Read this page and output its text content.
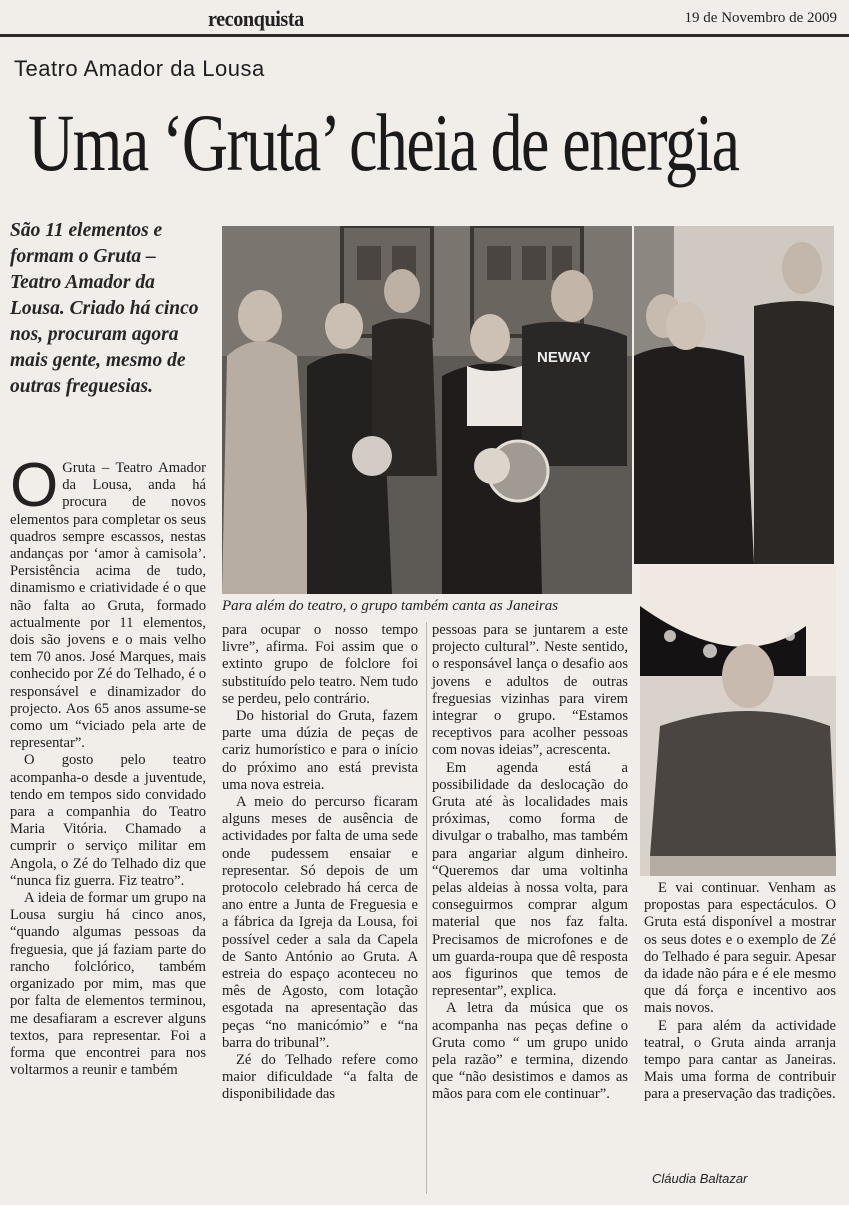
reconquista	19 de Novembro de 2009
Teatro Amador da Lousa
Uma ‘Gruta’ cheia de energia
São 11 elementos e formam o Gruta – Teatro Amador da Lousa. Criado há cinco nos, procuram agora mais gente, mesmo de outras freguesias.
NEWAY
Para além do teatro, o grupo também canta as Janeiras

O Gruta – Teatro Amador da Lousa, anda há procura de novos elementos para completar os seus quadros sempre escassos, nestas andanças por ‘amor à camisola’. Persistência acima de tudo, dinamismo e criatividade é o que não falta ao Gruta, formado actualmente por 11 elementos, dois são jovens e o mais velho tem 70 anos. José Marques, mais conhecido por Zé do Telhado, é o responsável e dinamizador do projecto. Aos 65 anos assume-se como um “viciado pela arte de representar”.

O gosto pelo teatro acompanha-o desde a juventude, tendo em tempos sido convidado para a companhia do Teatro Maria Vitória. Chamado a cumprir o serviço militar em Angola, o Zé do Telhado diz que “nunca fiz guerra. Fiz teatro”.

A ideia de formar um grupo na Lousa surgiu há cinco anos, “quando algumas pessoas da freguesia, que já faziam parte do rancho folclórico, também organizado por mim, mas que por falta de elementos terminou, me desafiaram a escrever alguns textos, para representar. Foi a forma que encontrei para nos voltarmos a reunir e também

para ocupar o nosso tempo livre”, afirma. Foi assim que o extinto grupo de folclore foi substituído pelo teatro. Nem tudo se perdeu, pelo contrário.

Do historial do Gruta, fazem parte uma dúzia de peças de cariz humorístico e para o início do próximo ano está prevista uma nova estreia.

A meio do percurso ficaram alguns meses de ausência de actividades por falta de uma sede onde pudessem ensaiar e representar. Só depois de um protocolo celebrado há cerca de ano entre a Junta de Freguesia e a fábrica da Igreja da Lousa, foi possível ceder a sala da Capela de Santo António ao Gruta. A estreia do espaço aconteceu no mês de Agosto, com lotação esgotada na apresentação das peças “no manicómio” e “na barra do tribunal”.

Zé do Telhado refere como maior dificuldade “a falta de disponibilidade das

pessoas para se juntarem a este projecto cultural”. Neste sentido, o responsável lança o desafio aos jovens e adultos de outras freguesias vizinhas para virem integrar o grupo. “Estamos receptivos para acolher pessoas com novas ideias”, acrescenta.

Em agenda está a possibilidade da deslocação do Gruta até às localidades mais próximas, como forma de divulgar o trabalho, mas também para angariar algum dinheiro. “Queremos dar uma voltinha pelas aldeias à nossa volta, para conseguirmos comprar algum material que nos faz falta. Precisamos de microfones e de um guarda-roupa que dê resposta aos figurinos que temos de representar”, explica.

A letra da música que os acompanha nas peças define o Gruta como “ um grupo unido pela razão” e termina, dizendo que “não desistimos e damos as mãos para com ele continuar”.

E vai continuar. Venham as propostas para espectáculos. O Gruta está disponível a mostrar os seus dotes e o exemplo de Zé do Telhado é para seguir. Apesar da idade não pára e é ele mesmo que dá força e incentivo aos mais novos.

E para além da actividade teatral, o Gruta ainda arranja tempo para cantar as Janeiras. Mais uma forma de contribuir para a preservação das tradições.

Cláudia Baltazar
